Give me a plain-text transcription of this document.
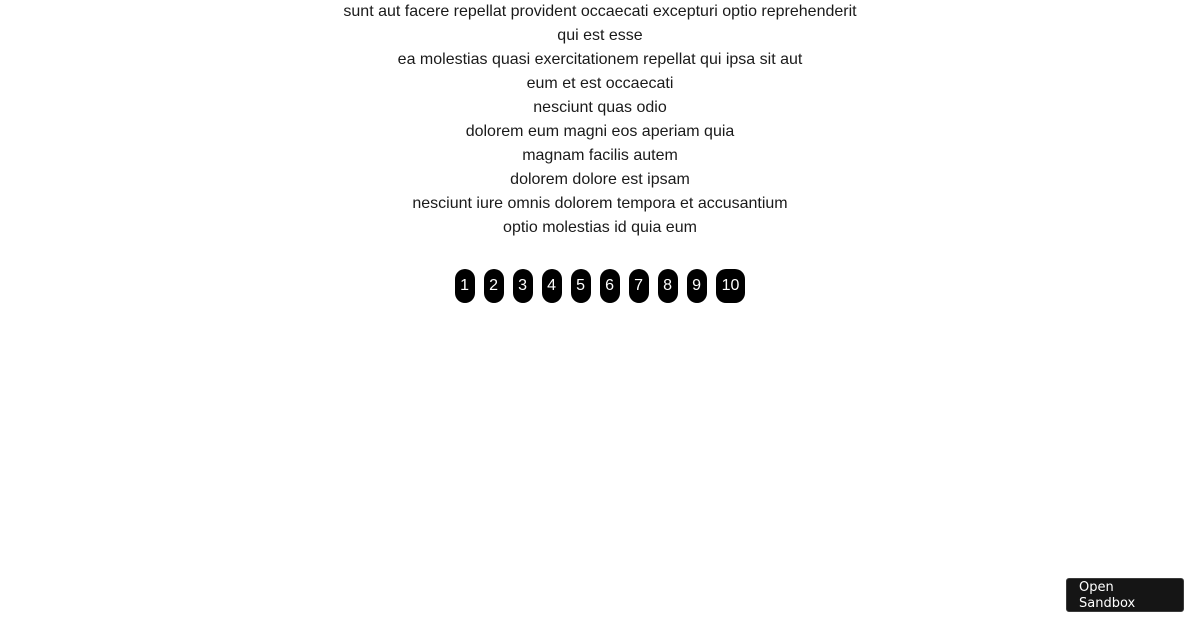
sunt aut facere repellat provident occaecati excepturi optio reprehenderit
qui est esse
ea molestias quasi exercitationem repellat qui ipsa sit aut
eum et est occaecati
nesciunt quas odio
dolorem eum magni eos aperiam quia
magnam facilis autem
dolorem dolore est ipsam
nesciunt iure omnis dolorem tempora et accusantium
optio molestias id quia eum
1	2	3	4	5	6	7	8	9	10
Open Sandbox
